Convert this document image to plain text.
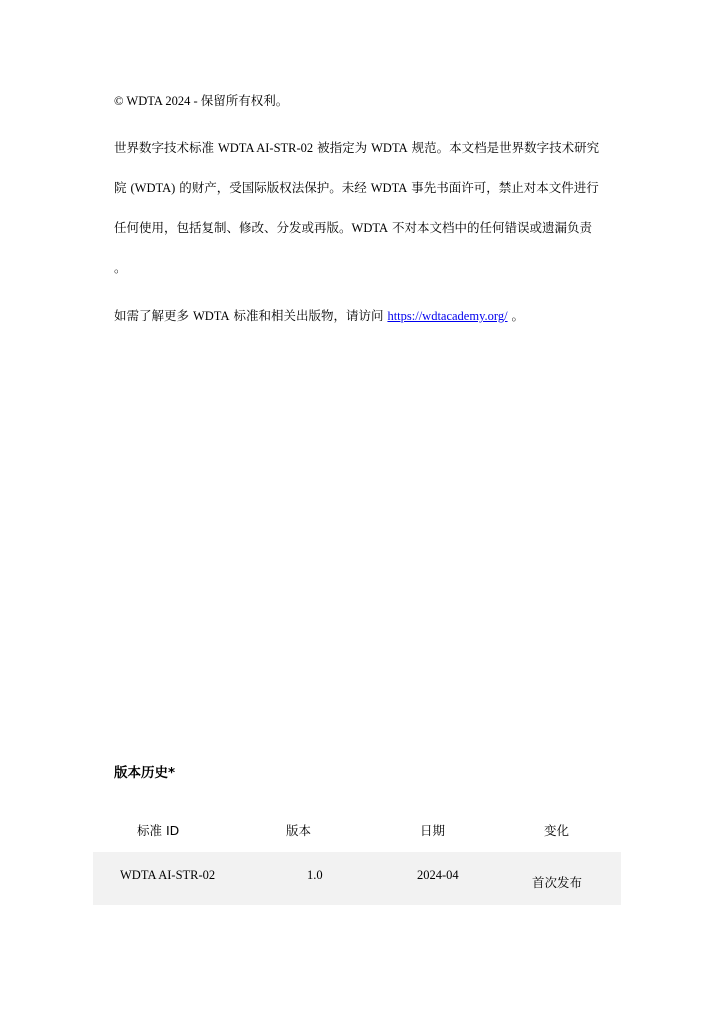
© WDTA 2024 - 保留所有权利。
世界数字技术标准 WDTA AI-STR-02 被指定为 WDTA 规范。本文档是世界数字技术研究
院 (WDTA) 的财产，受国际版权法保护。未经 WDTA 事先书面许可，禁止对本文件进行
任何使用，包括复制、修改、分发或再版。WDTA 不对本文档中的任何错误或遗漏负责
。
如需了解更多 WDTA 标准和相关出版物，请访问 https://wdtacademy.org/ 。
版本历史*
标准 ID	版本	日期	变化
WDTA AI-STR-02	1.0	2024-04	首次发布
